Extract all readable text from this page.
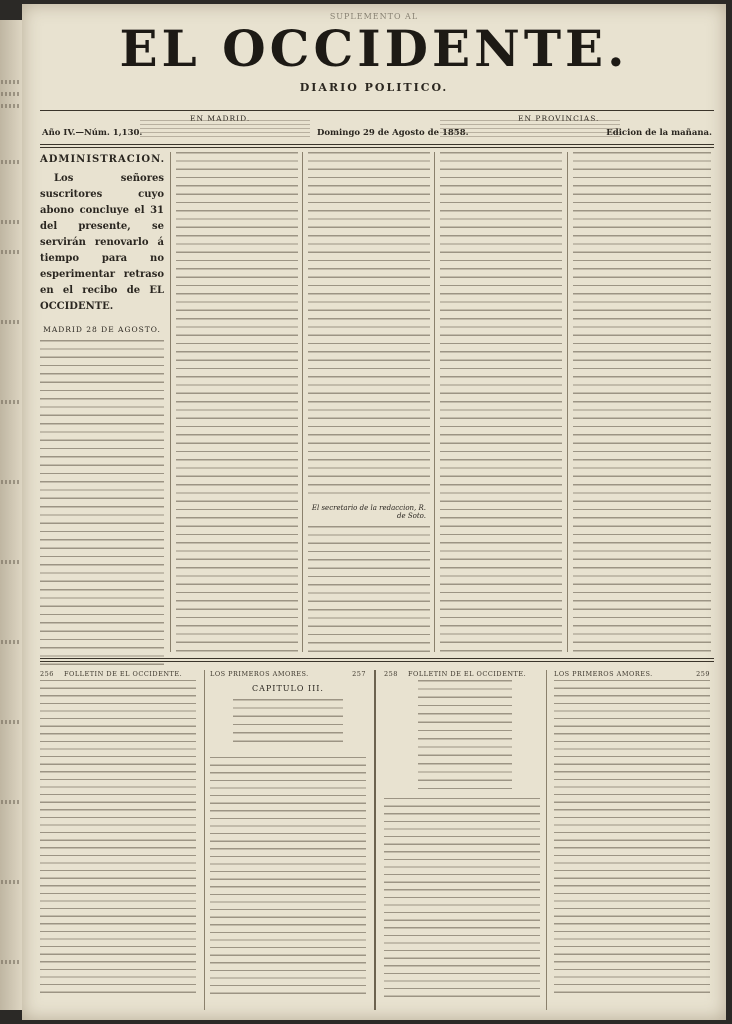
SUPLEMENTO AL
EL OCCIDENTE.
DIARIO POLITICO.
Año IV.—Núm. 1,130.
EN MADRID.
Domingo 29 de Agosto de 1858.
EN PROVINCIAS.
Edicion de la mañana.
ADMINISTRACION.
Los señores suscritores cuyo abono concluye el 31 del presente, se servirán renovarlo á tiempo para no esperimentar retraso en el recibo de EL OCCIDENTE.
MADRID 28 DE AGOSTO.
El secretario de la redaccion, R. de Soto.
256 FOLLETIN DE EL OCCIDENTE.	LOS PRIMEROS AMORES.	257
CAPITULO III.
258 FOLLETIN DE EL OCCIDENTE.	LOS PRIMEROS AMORES.	259
